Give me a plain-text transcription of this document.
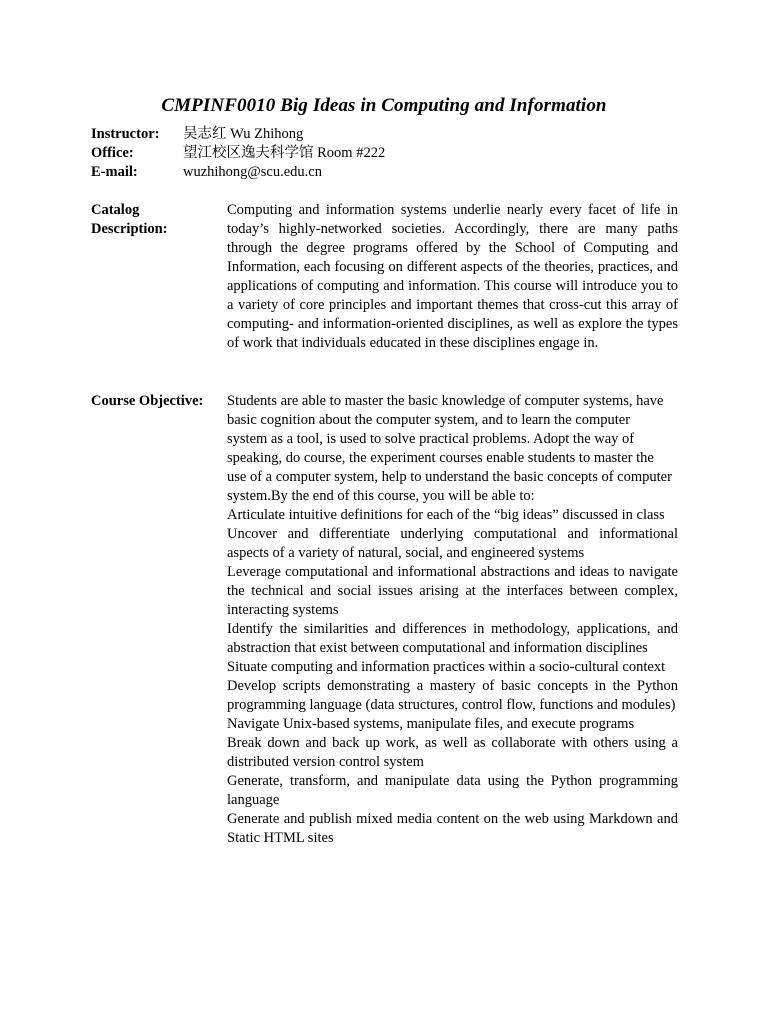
CMPINF0010 Big Ideas in Computing and Information
Instructor: 吴志红 Wu Zhihong
Office:	望江校区逸夫科学馆 Room #222
E-mail:	wuzhihong@scu.edu.cn
Catalog
Description:

Computing and information systems underlie nearly every facet of life in today’s highly-networked societies. Accordingly, there are many paths through the degree programs offered by the School of Computing and Information, each focusing on different aspects of the theories, practices, and applications of computing and information. This course will introduce you to a variety of core principles and important themes that cross-cut this array of computing- and information-oriented disciplines, as well as explore the types of work that individuals educated in these disciplines engage in.

Course Objective:	Students are able to master the basic knowledge of computer systems, have basic cognition about the computer system, and to learn the computer system as a tool, is used to solve practical problems. Adopt the way of speaking, do course, the experiment courses enable students to master the use of a computer system, help to understand the basic concepts of computer system.By the end of this course, you will be able to:

Articulate intuitive definitions for each of the “big ideas” discussed in class

Uncover and differentiate underlying computational and informational aspects of a variety of natural, social, and engineered systems

Leverage computational and informational abstractions and ideas to navigate the technical and social issues arising at the interfaces between complex, interacting systems

Identify the similarities and differences in methodology, applications, and abstraction that exist between computational and information disciplines

Situate computing and information practices within a socio-cultural context

Develop scripts demonstrating a mastery of basic concepts in the Python programming language (data structures, control flow, functions and modules)

Navigate Unix-based systems, manipulate files, and execute programs

Break down and back up work, as well as collaborate with others using a distributed version control system

Generate, transform, and manipulate data using the Python programming language

Generate and publish mixed media content on the web using Markdown and Static HTML sites
